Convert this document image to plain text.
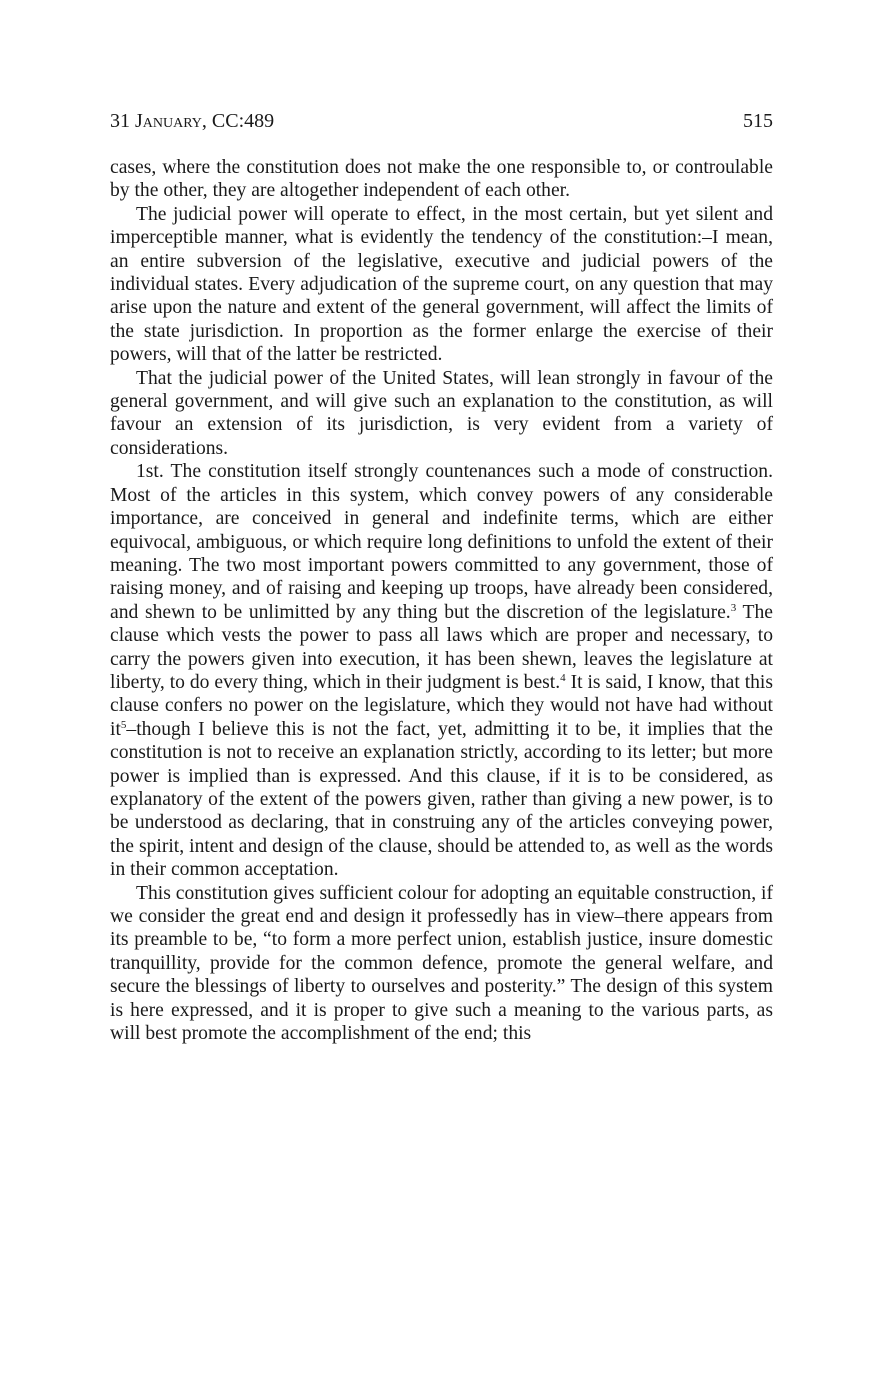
31 January, CC:489	515

cases, where the constitution does not make the one responsible to, or controulable by the other, they are altogether independent of each other.

The judicial power will operate to effect, in the most certain, but yet silent and imperceptible manner, what is evidently the tendency of the constitution:–I mean, an entire subversion of the legislative, executive and judicial powers of the individual states. Every adjudication of the supreme court, on any question that may arise upon the nature and extent of the general government, will affect the limits of the state jurisdiction. In proportion as the former enlarge the exercise of their powers, will that of the latter be restricted.

That the judicial power of the United States, will lean strongly in favour of the general government, and will give such an explanation to the constitution, as will favour an extension of its jurisdiction, is very evident from a variety of considerations.

1st. The constitution itself strongly countenances such a mode of construction. Most of the articles in this system, which convey powers of any considerable importance, are conceived in general and indefinite terms, which are either equivocal, ambiguous, or which require long definitions to unfold the extent of their meaning. The two most important powers committed to any government, those of raising money, and of raising and keeping up troops, have already been considered, and shewn to be unlimitted by any thing but the discretion of the legislature.$^3$ The clause which vests the power to pass all laws which are proper and necessary, to carry the powers given into execution, it has been shewn, leaves the legislature at liberty, to do every thing, which in their judgment is best.$^4$ It is said, I know, that this clause confers no power on the legislature, which they would not have had without $it^5$–though I believe this is not the fact, yet, admitting it to be, it implies that the constitution is not to receive an explanation strictly, according to its letter; but more power is implied than is expressed. And this clause, if it is to be considered, as explanatory of the extent of the powers given, rather than giving a new power, is to be understood as declaring, that in construing any of the articles conveying power, the spirit, intent and design of the clause, should be attended to, as well as the words in their common acceptation.

This constitution gives sufficient colour for adopting an equitable construction, if we consider the great end and design it professedly has in view–there appears from its preamble to be, “to form a more perfect union, establish justice, insure domestic tranquillity, provide for the common defence, promote the general welfare, and secure the blessings of liberty to ourselves and posterity.” The design of this system is here expressed, and it is proper to give such a meaning to the various parts, as will best promote the accomplishment of the end; this
